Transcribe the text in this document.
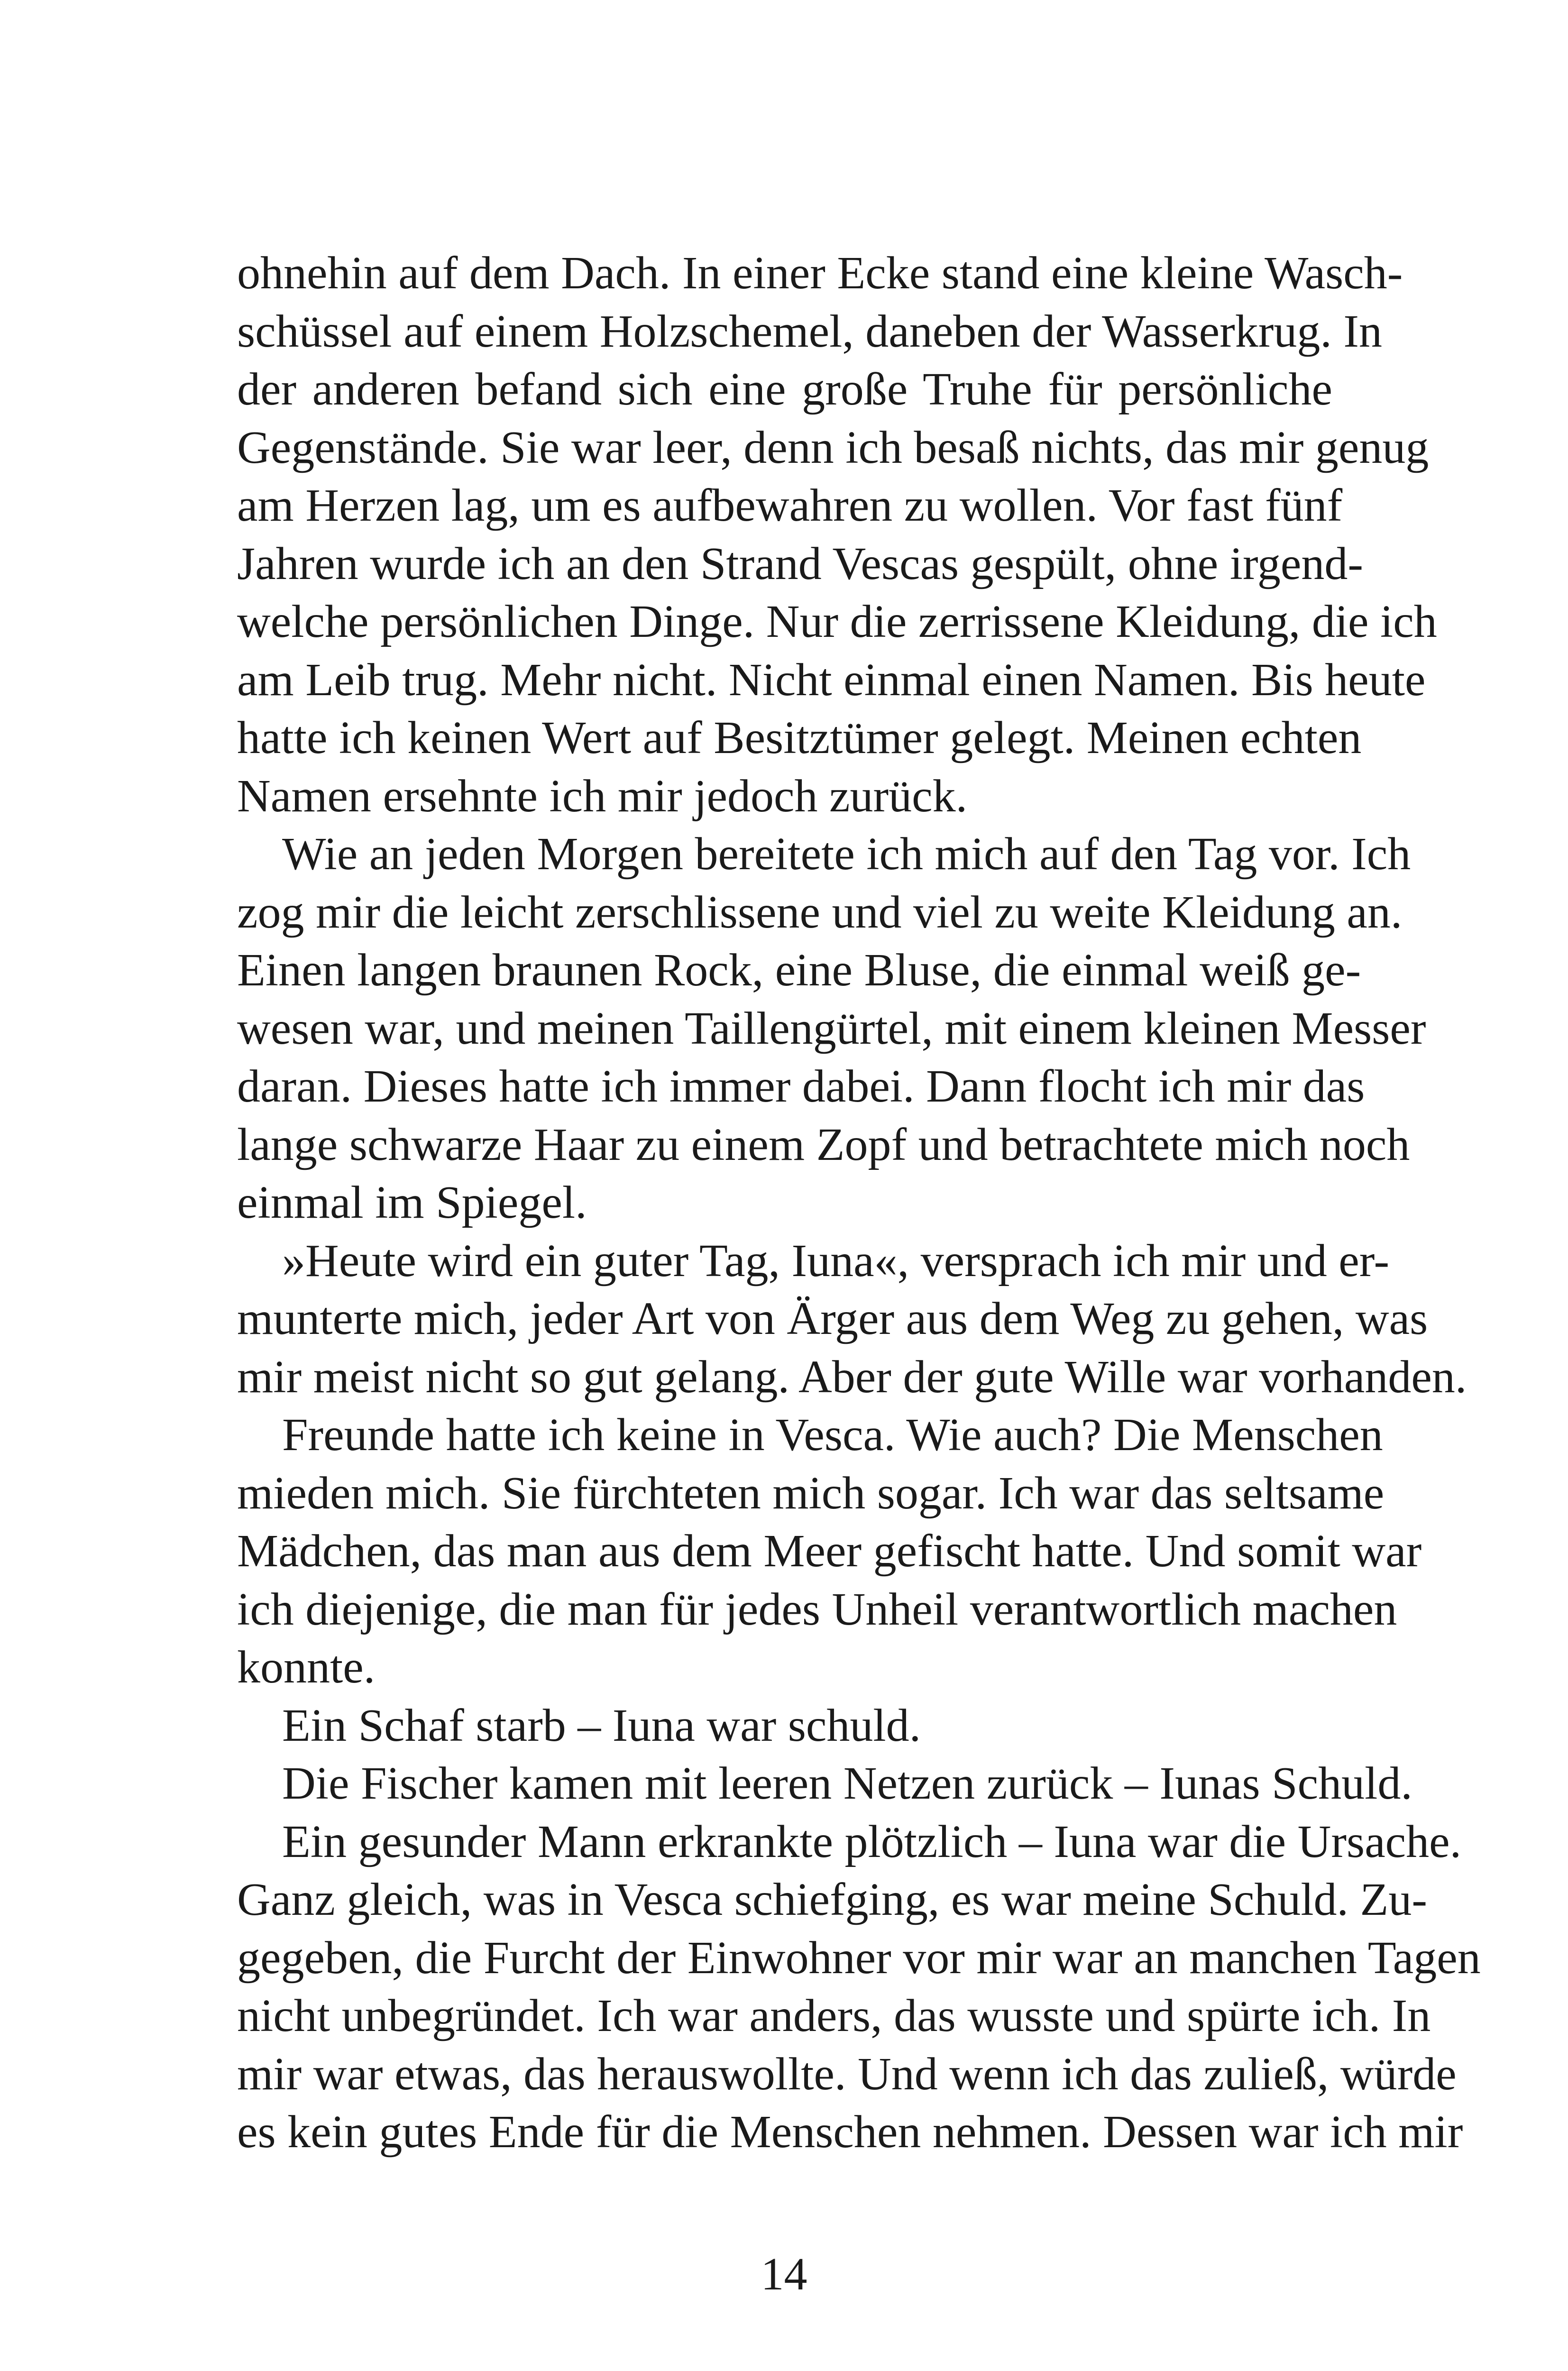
ohnehin auf dem Dach. In einer Ecke stand eine kleine Wasch-
schüssel auf einem Holzschemel, daneben der Wasserkrug. In
der anderen befand sich eine große Truhe für persönliche
Gegenstände. Sie war leer, denn ich besaß nichts, das mir genug
am Herzen lag, um es aufbewahren zu wollen. Vor fast fünf
Jahren wurde ich an den Strand Vescas gespült, ohne irgend-
welche persönlichen Dinge. Nur die zerrissene Kleidung, die ich
am Leib trug. Mehr nicht. Nicht einmal einen Namen. Bis heute
hatte ich keinen Wert auf Besitztümer gelegt. Meinen echten
Namen ersehnte ich mir jedoch zurück.
Wie an jeden Morgen bereitete ich mich auf den Tag vor. Ich
zog mir die leicht zerschlissene und viel zu weite Kleidung an.
Einen langen braunen Rock, eine Bluse, die einmal weiß ge-
wesen war, und meinen Taillengürtel, mit einem kleinen Messer
daran. Dieses hatte ich immer dabei. Dann flocht ich mir das
lange schwarze Haar zu einem Zopf und betrachtete mich noch
einmal im Spiegel.
»Heute wird ein guter Tag, Iuna«, versprach ich mir und er-
munterte mich, jeder Art von Ärger aus dem Weg zu gehen, was
mir meist nicht so gut gelang. Aber der gute Wille war vorhanden.
Freunde hatte ich keine in Vesca. Wie auch? Die Menschen
mieden mich. Sie fürchteten mich sogar. Ich war das seltsame
Mädchen, das man aus dem Meer gefischt hatte. Und somit war
ich diejenige, die man für jedes Unheil verantwortlich machen
konnte.
Ein Schaf starb – Iuna war schuld.
Die Fischer kamen mit leeren Netzen zurück – Iunas Schuld.
Ein gesunder Mann erkrankte plötzlich – Iuna war die Ursache.
Ganz gleich, was in Vesca schiefging, es war meine Schuld. Zu-
gegeben, die Furcht der Einwohner vor mir war an manchen Tagen
nicht unbegründet. Ich war anders, das wusste und spürte ich. In
mir war etwas, das herauswollte. Und wenn ich das zuließ, würde
es kein gutes Ende für die Menschen nehmen. Dessen war ich mir
14
